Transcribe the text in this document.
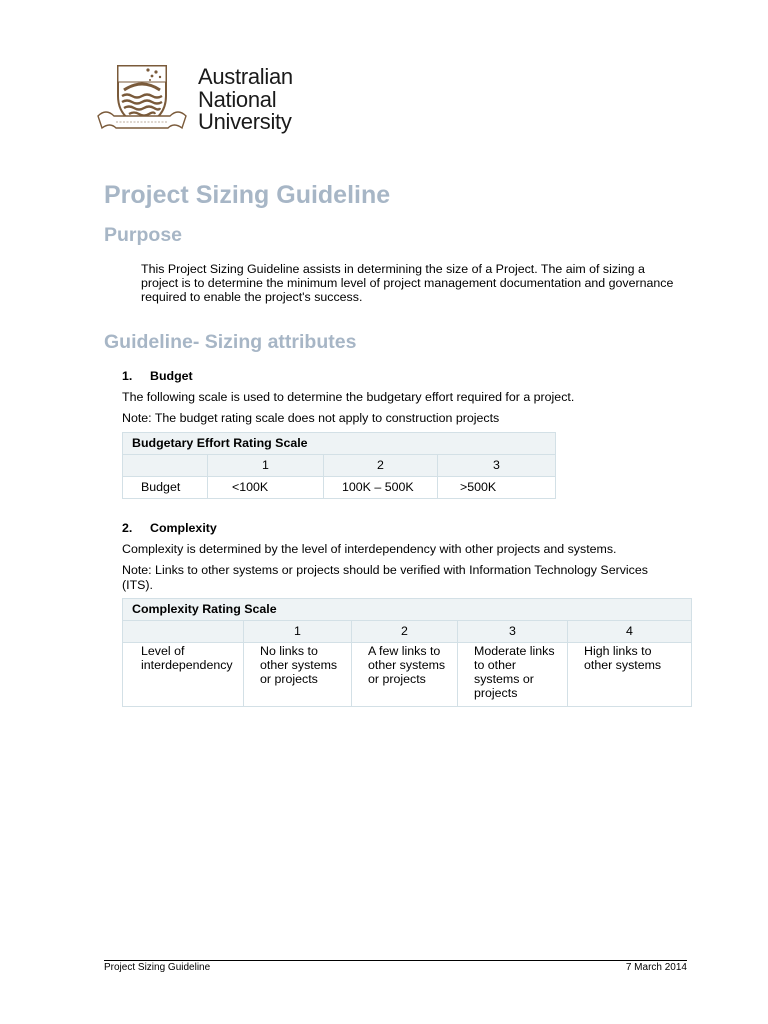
Australian
National
University
Project Sizing Guideline
Purpose

This Project Sizing Guideline assists in determining the size of a Project. The aim of sizing a project is to determine the minimum level of project management documentation and governance required to enable the project's success.

Guideline- Sizing attributes
1. Budget

The following scale is used to determine the budgetary effort required for a project.

Note: The budget rating scale does not apply to construction projects

Budgetary Effort Rating Scale			
	1	2	3
Budget	<100K	100K – 500K	>500K
2. Complexity

Complexity is determined by the level of interdependency with other projects and systems.

Note: Links to other systems or projects should be verified with Information Technology Services (ITS).

Complexity Rating Scale				
	1	2	3	4
Level of interdependency	No links to other systems or projects	A few links to other systems or projects	Moderate links to other systems or projects	High links to other systems
Project Sizing Guideline	7 March 2014
